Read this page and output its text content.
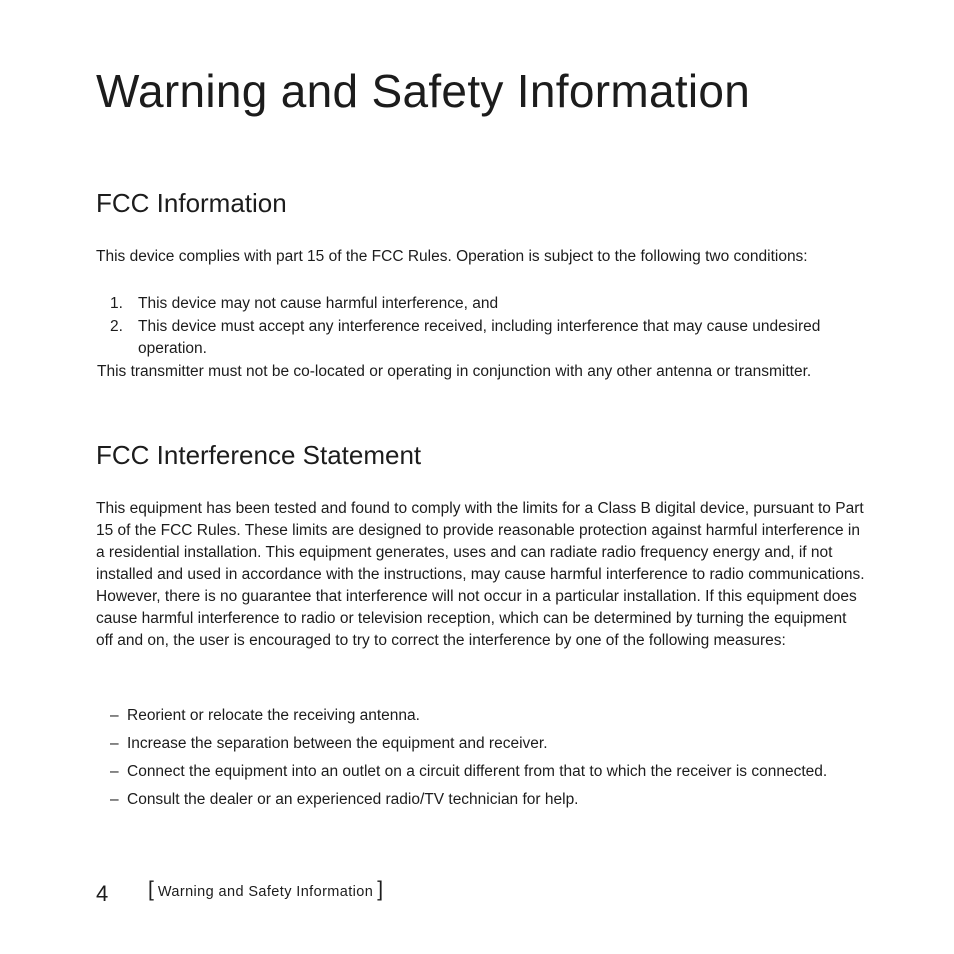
Warning and Safety Information
FCC Information

This device complies with part 15 of the FCC Rules. Operation is subject to the following two conditions:

1. This device may not cause harmful interference, and
2. This device must accept any interference received, including interference that may cause undesired operation.

This transmitter must not be co-located or operating in conjunction with any other antenna or transmitter.

FCC Interference Statement

This equipment has been tested and found to comply with the limits for a Class B digital device, pursuant to Part 15 of the FCC Rules. These limits are designed to provide reasonable protection against harmful interference in a residential installation. This equipment generates, uses and can radiate radio frequency energy and, if not installed and used in accordance with the instructions, may cause harmful interference to radio communications. However, there is no guarantee that interference will not occur in a particular installation. If this equipment does cause harmful interference to radio or television reception, which can be determined by turning the equipment off and on, the user is encouraged to try to correct the interference by one of the following measures:

– Reorient or relocate the receiving antenna.
– Increase the separation between the equipment and receiver.
– Connect the equipment into an outlet on a circuit different from that to which the receiver is connected.
– Consult the dealer or an experienced radio/TV technician for help.
4 [ Warning and Safety Information ]
